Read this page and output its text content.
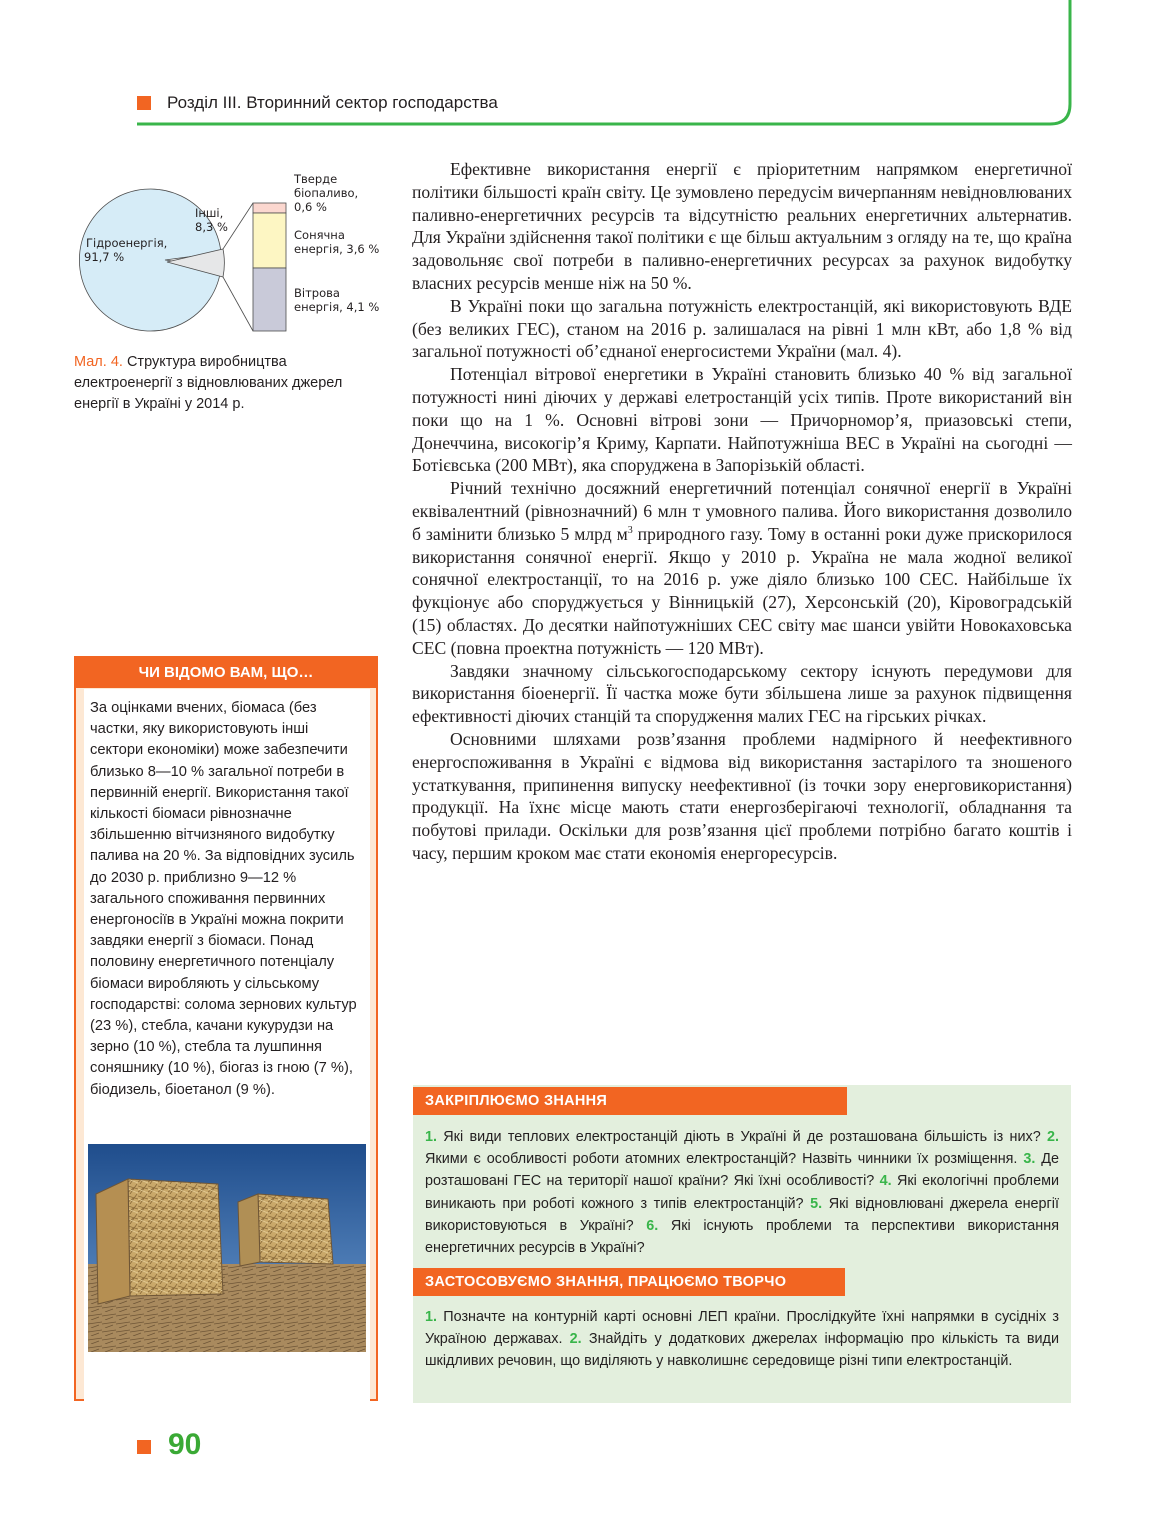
Розділ ІІІ. Вторинний сектор господарства
Гідроенергія,
91,7 %
Інші,
8,3 %
Тверде
біопаливо,
0,6 %
Сонячна
енергія, 3,6 %
Вітрова
енергія, 4,1 %
Мал. 4. Структура виробництва електроенергії з відновлюваних джерел енергії в Україні у 2014 р.

Ефективне використання енергії є пріоритетним напрямком енергетичної політики більшості країн світу. Це зумовлено передусім вичерпанням невідновлюваних паливно-енергетичних ресурсів та відсутністю реальних енергетичних альтернатив. Для України здійснення такої політики є ще більш актуальним з огляду на те, що країна задовольняє свої потреби в паливно-енергетичних ресурсах за рахунок видобутку власних ресурсів менше ніж на 50 %.

В Україні поки що загальна потужність електростанцій, які використовують ВДЕ (без великих ГЕС), станом на 2016 р. залишалася на рівні 1 млн кВт, або 1,8 % від загальної потужності об’єднаної енергосистеми України (мал. 4).

Потенціал вітрової енергетики в Україні становить близько 40 % від загальної потужності нині діючих у державі елетростанцій усіх типів. Проте використаний він поки що на 1 %. Основні вітрові зони — Причорномор’я, приазовські степи, Донеччина, високогір’я Криму, Карпати. Найпотужніша ВЕС в Україні на сьогодні — Ботієвська (200 МВт), яка споруджена в Запорізькій області.

Річний технічно досяжний енергетичний потенціал сонячної енергії в Україні еквівалентний (рівнозначний) 6 млн т умовного палива. Його використання дозволило б замінити близько 5 млрд $м^3$ природного газу. Тому в останні роки дуже прискорилося використання сонячної енергії. Якщо у 2010 р. Україна не мала жодної великої сонячної електростанції, то на 2016 р. уже діяло близько 100 СЕС. Найбільше їх фукціонує або споруджується у Вінницькій (27), Херсонській (20), Кіровоградській (15) областях. До десятки найпотужніших СЕС світу має шанси увійти Новокаховська СЕС (повна проектна потужність — 120 МВт).

Завдяки значному сільськогосподарському сектору існують передумови для використання біоенергії. Її частка може бути збільшена лише за рахунок підвищення ефективності діючих станцій та спорудження малих ГЕС на гірських річках.

Основними шляхами розв’язання проблеми надмірного й неефективного енергоспоживання в Україні є відмова від використання застарілого та зношеного устаткування, припинення випуску неефективної (із точки зору енерговикористання) продукції. На їхнє місце мають стати енергозберігаючі технології, обладнання та побутові прилади. Оскільки для розв’язання цієї проблеми потрібно багато коштів і часу, першим кроком має стати економія енергоресурсів.

ЧИ ВІДОМО ВАМ, ЩО…
За оцінками вчених, біомаса (без частки, яку використовують інші сектори економіки) може забезпечити близько 8—10 % загальної потреби в первинній енергії. Використання такої кількості біомаси рівнозначне збільшенню вітчизняного видобутку палива на 20 %. За відповідних зусиль до 2030 р. приблизно 9—12 % загального споживання первинних енергоносіїв в Україні можна покрити завдяки енергії з біомаси. Понад половину енергетичного потенціалу біомаси виробляють у сільському господарстві: солома зернових культур (23 %), стебла, качани кукурудзи на зерно (10 %), стебла та лушпиння соняшнику (10 %), біогаз із гною (7 %), біодизель, біоетанол (9 %).
ЗАКРІПЛЮЄМО ЗНАННЯ
1. Які види теплових електростанцій діють в Україні й де розташована більшість із них? 2. Якими є особливості роботи атомних електростанцій? Назвіть чинники їх розміщення. 3. Де розташовані ГЕС на території нашої країни? Які їхні особливості? 4. Які екологічні проблеми виникають при роботі кожного з типів електростанцій? 5. Які відновлювані джерела енергії використовуються в Україні? 6. Які існують проблеми та перспективи використання енергетичних ресурсів в Україні?
ЗАСТОСОВУЄМО ЗНАННЯ, ПРАЦЮЄМО ТВОРЧО
1. Позначте на контурній карті основні ЛЕП країни. Прослідкуйте їхні напрямки в сусідніх з Україною державах. 2. Знайдіть у додаткових джерелах інформацію про кількість та види шкідливих речовин, що виділяють у навколишнє середовище різні типи електростанцій.
90
